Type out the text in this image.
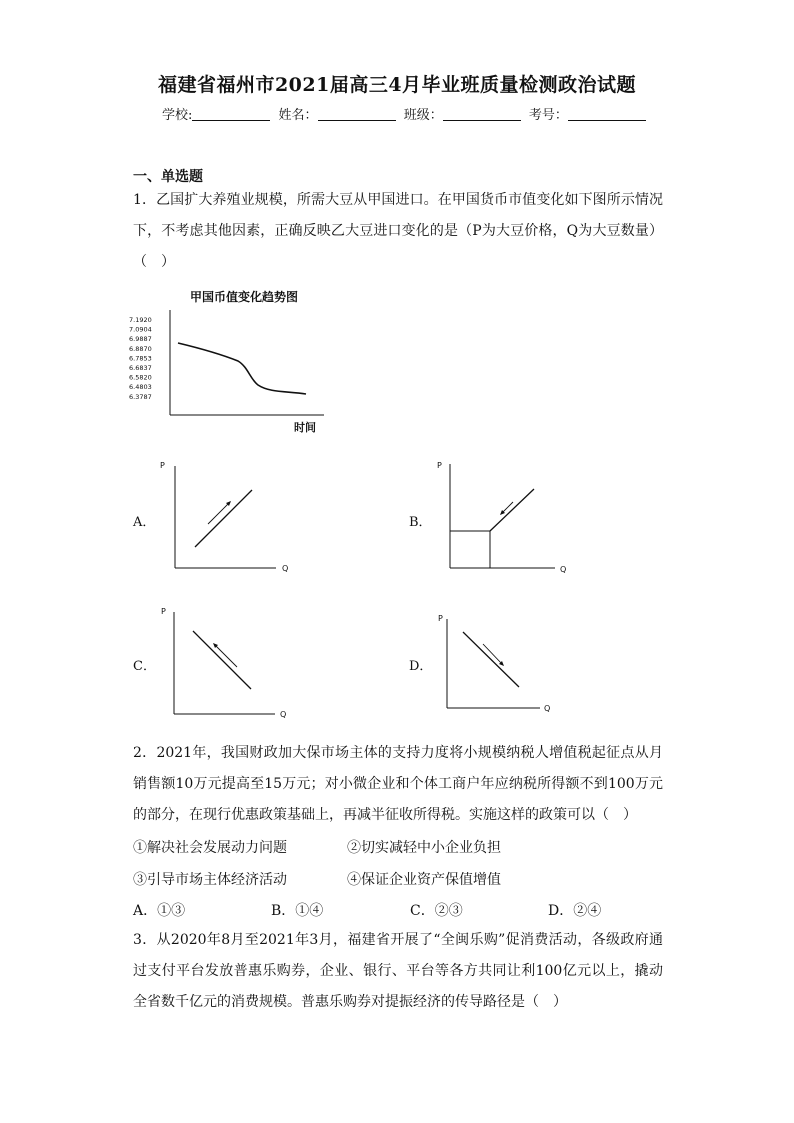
福建省福州市2021届高三4月毕业班质量检测政治试题
学校:	姓名：	班级：	考号：
一、单选题
1．乙国扩大养殖业规模，所需大豆从甲国进口。在甲国货币市值变化如下图所示情况下，不考虑其他因素，正确反映乙大豆进口变化的是（P为大豆价格，Q为大豆数量）（　）
甲国币值变化趋势图
7.1920
7.0904
6.9887
6.8870
6.7853
6.6837
6.5820
6.4803
6.3787
时间
A．
P
Q
B．
P
Q
C．
P
Q
D．
P
Q
2．2021年，我国财政加大保市场主体的支持力度将小规模纳税人增值税起征点从月销售额10万元提高至15万元；对小微企业和个体工商户年应纳税所得额不到100万元的部分，在现行优惠政策基础上，再减半征收所得税。实施这样的政策可以（　）
①解决社会发展动力问题	②切实减轻中小企业负担
③引导市场主体经济活动	④保证企业资产保值增值
A．①③	B．①④	C．②③	D．②④
3．从2020年8月至2021年3月，福建省开展了“全闽乐购”促消费活动，各级政府通过支付平台发放普惠乐购券，企业、银行、平台等各方共同让利100亿元以上，撬动全省数千亿元的消费规模。普惠乐购券对提振经济的传导路径是（　）
